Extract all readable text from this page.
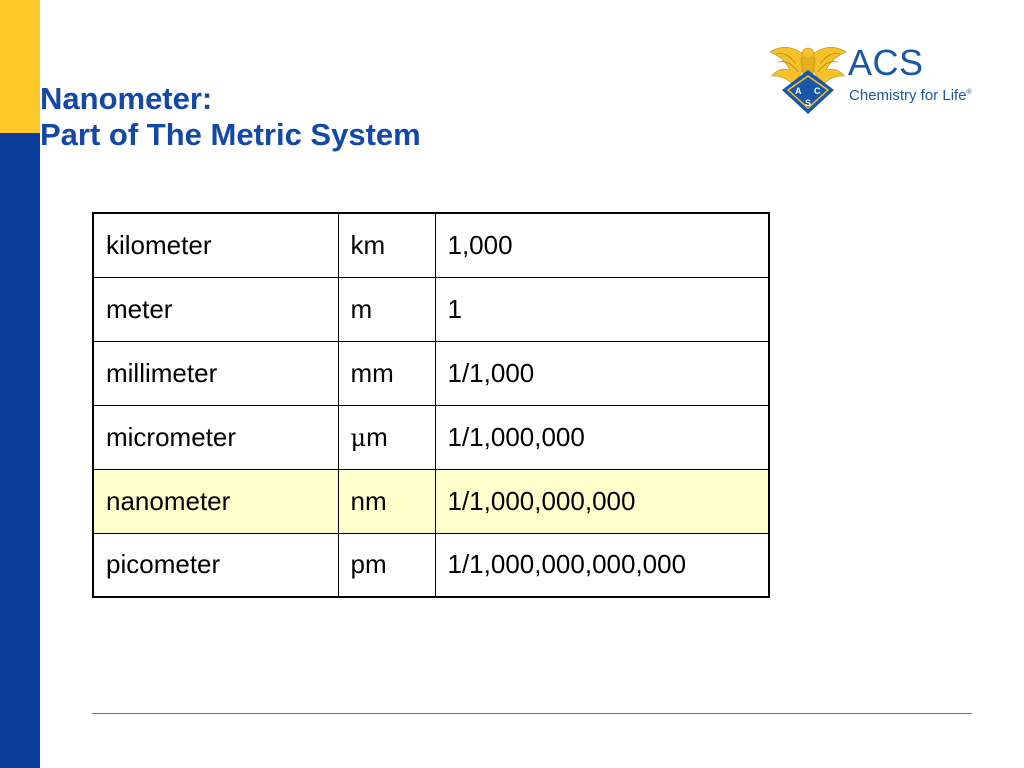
Nanometer:
Part of The Metric System
A C
S
ACS
Chemistry for Life®
kilometer	km	1,000
meter	m	1
millimeter	mm	1/1,000
micrometer	μm	1/1,000,000
nanometer	nm	1/1,000,000,000
picometer	pm	1/1,000,000,000,000
